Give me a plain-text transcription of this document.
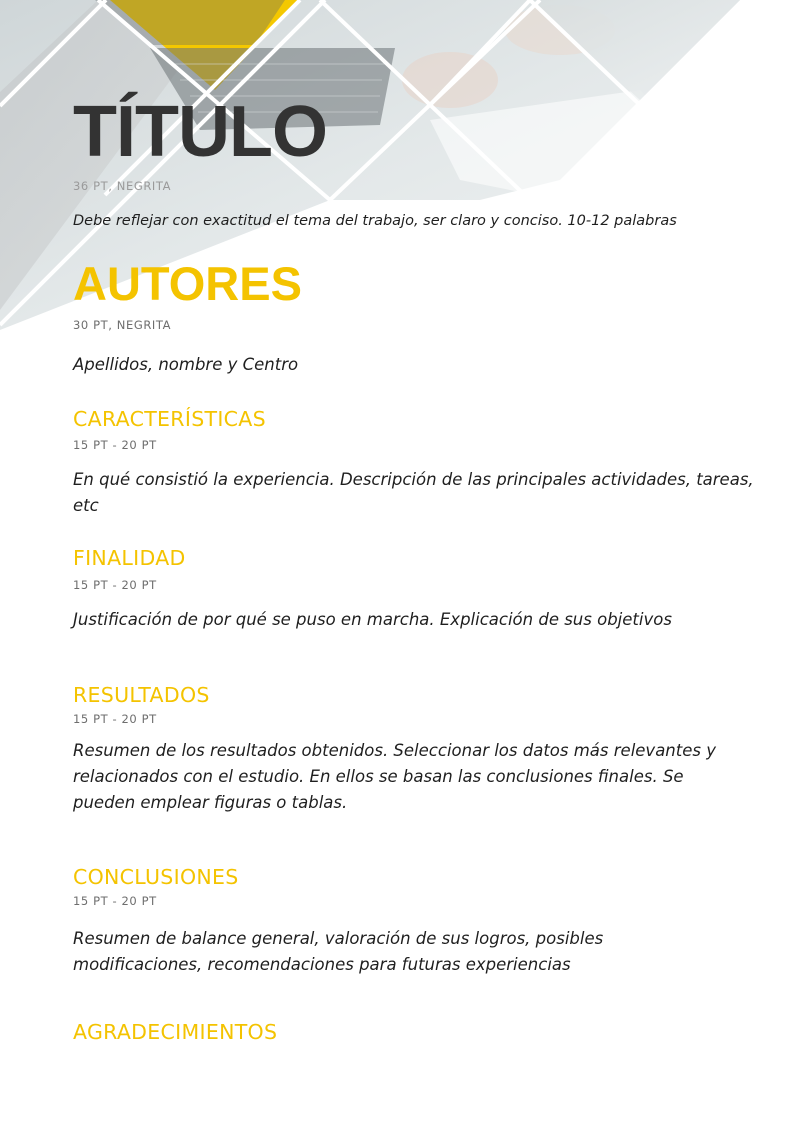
TÍTULO
36 PT, NEGRITA

Debe reflejar con exactitud el tema del trabajo, ser claro y conciso. 10-12 palabras

AUTORES
30 PT, NEGRITA

Apellidos, nombre y Centro

CARACTERÍSTICAS
15 PT - 20 PT

En qué consistió la experiencia. Descripción de las principales actividades, tareas, etc

FINALIDAD
15 PT - 20 PT

Justificación de por qué se puso en marcha. Explicación de sus objetivos

RESULTADOS
15 PT - 20 PT

Resumen de los resultados obtenidos. Seleccionar los datos más relevantes y relacionados con el estudio. En ellos se basan las conclusiones finales. Se pueden emplear figuras o tablas.

CONCLUSIONES
15 PT - 20 PT

Resumen de balance general, valoración de sus logros, posibles modificaciones, recomendaciones para futuras experiencias

AGRADECIMIENTOS
